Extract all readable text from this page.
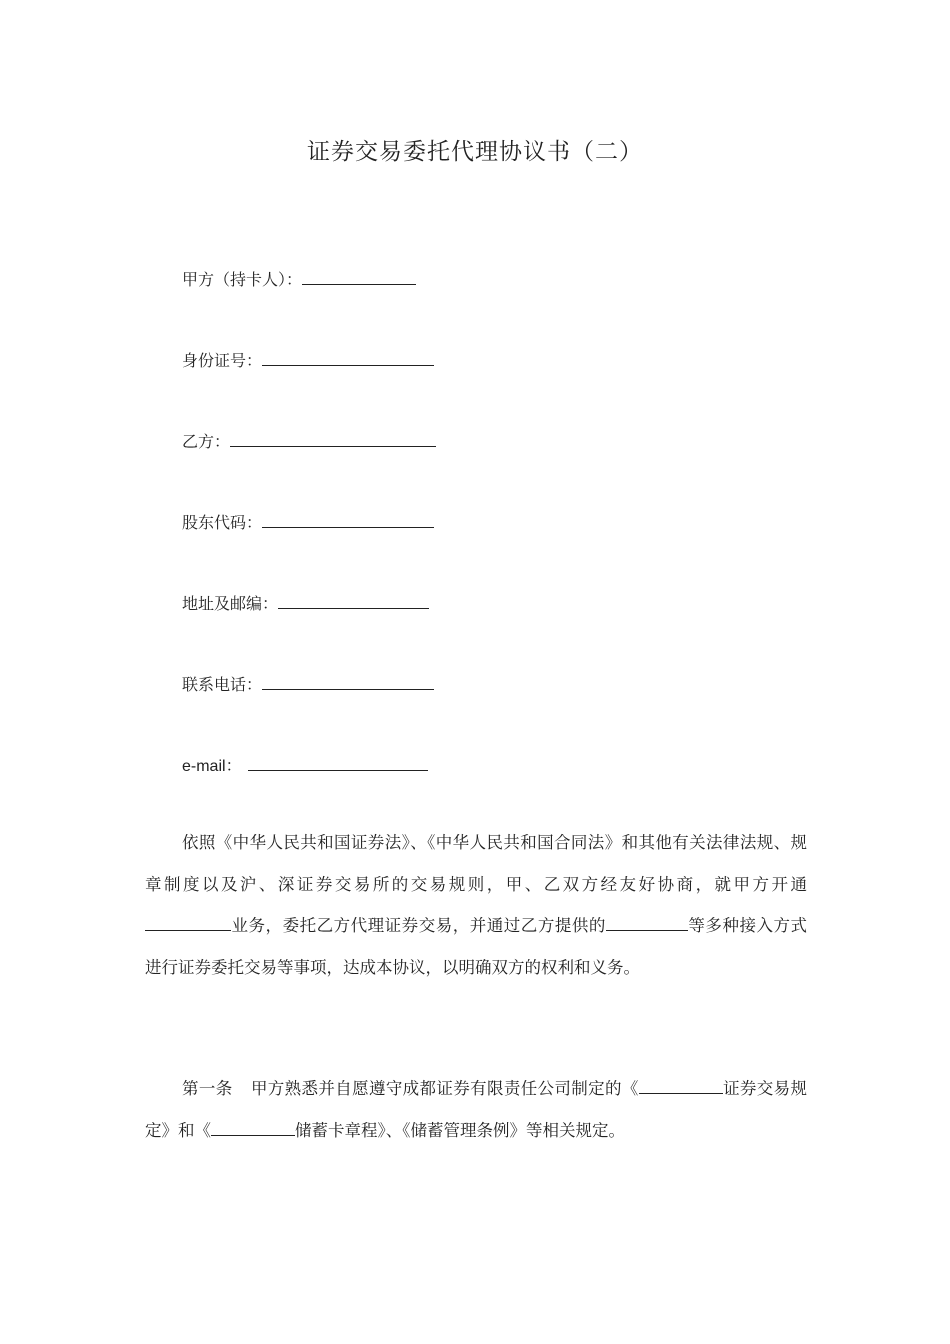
证券交易委托代理协议书（二）
甲方（持卡人）：
身份证号：
乙方：
股东代码：
地址及邮编：
联系电话：
e-mail：

依照《中华人民共和国证券法》、《中华人民共和国合同法》和其他有关法律法规、规章制度以及沪、深证券交易所的交易规则，甲、乙双方经友好协商，就甲方开通业务，委托乙方代理证券交易，并通过乙方提供的	等多种接入方式进行证券委托交易等事项，达成本协议，以明确双方的权利和义务。

第一条 甲方熟悉并自愿遵守成都证券有限责任公司制定的《	证券交易规定》和《	储蓄卡章程》、《储蓄管理条例》等相关规定。
